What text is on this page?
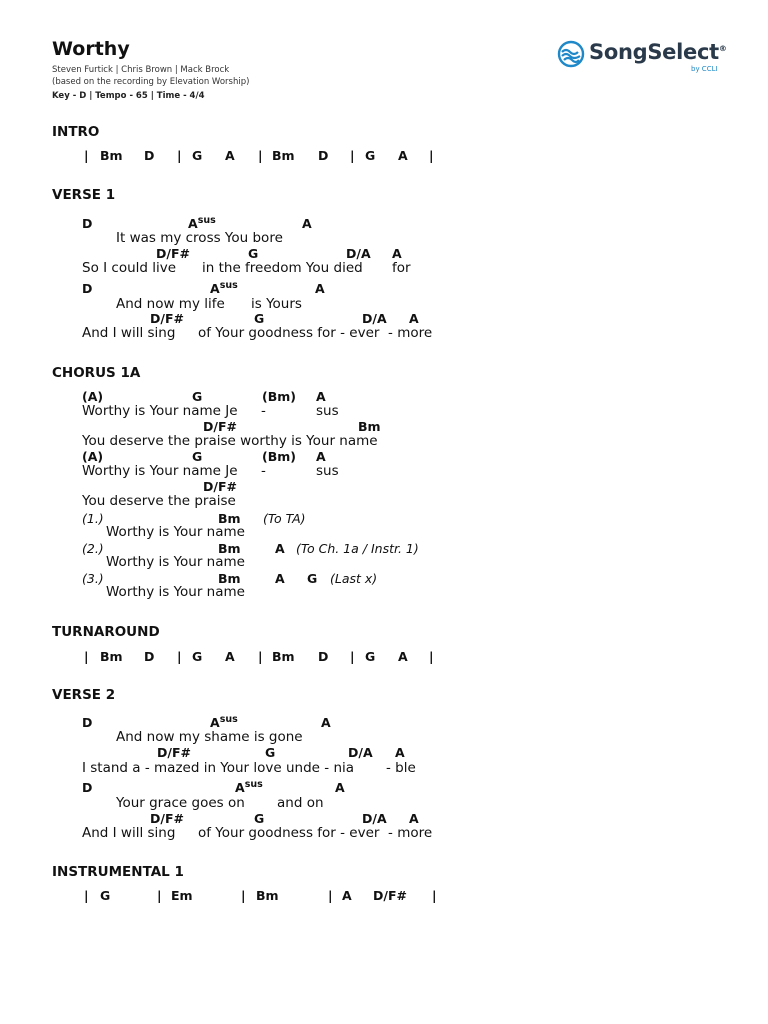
Worthy
Steven Furtick | Chris Brown | Mack Brock
(based on the recording by Elevation Worship)
Key - D | Tempo - 65 | Time - 4/4
SongSelect®
by CCLI
INTRO
| Bm D | G A | Bm D | G A |
VERSE 1
D	$A^{sus}$	A
It was my cross You bore
D/F#	G	D/A A
So I could live in the freedom You died for
D	$A^{sus}$	A
And now my life is Yours
D/F#	G	D/A A
And I will sing of Your goodness for - ever  - more
CHORUS 1A
(A)	G	(Bm) A
Worthy is Your name Je -	sus
D/F#	Bm
You deserve the praise worthy is Your name
(A)	G	(Bm) A
Worthy is Your name Je -	sus
D/F#
You deserve the praise
(1.)	Bm (To TA)
Worthy is Your name
(2.)	Bm	A (To Ch. 1a / Instr. 1)
Worthy is Your name
(3.)	Bm	A G (Last x)
Worthy is Your name
TURNAROUND
| Bm D | G A | Bm D | G A |
VERSE 2
D	$A^{sus}$	A
And now my shame is gone
D/F#	G	D/A A
I stand a - mazed in Your love unde - nia - ble
D	$A^{sus}$	A
Your grace goes on and on
D/F#	G	D/A A
And I will sing of Your goodness for - ever  - more
INSTRUMENTAL 1
| G	| Em	| Bm	| A D/F# |
